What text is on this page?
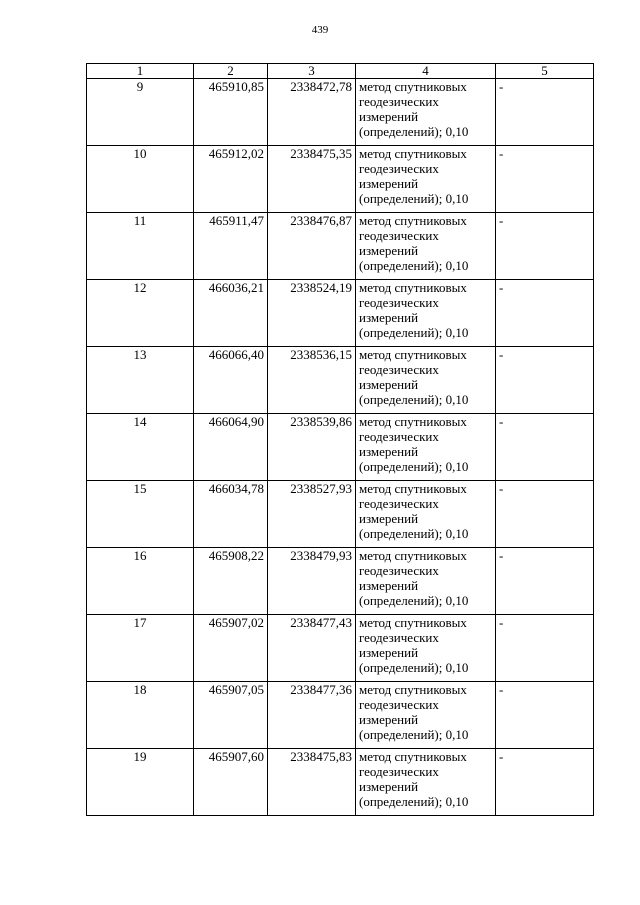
439
1	2	3	4	5
9	465910,85	2338472,78	метод спутниковых геодезических измерений (определений); 0,10	-
10	465912,02	2338475,35	метод спутниковых геодезических измерений (определений); 0,10	-
11	465911,47	2338476,87	метод спутниковых геодезических измерений (определений); 0,10	-
12	466036,21	2338524,19	метод спутниковых геодезических измерений (определений); 0,10	-
13	466066,40	2338536,15	метод спутниковых геодезических измерений (определений); 0,10	-
14	466064,90	2338539,86	метод спутниковых геодезических измерений (определений); 0,10	-
15	466034,78	2338527,93	метод спутниковых геодезических измерений (определений); 0,10	-
16	465908,22	2338479,93	метод спутниковых геодезических измерений (определений); 0,10	-
17	465907,02	2338477,43	метод спутниковых геодезических измерений (определений); 0,10	-
18	465907,05	2338477,36	метод спутниковых геодезических измерений (определений); 0,10	-
19	465907,60	2338475,83	метод спутниковых геодезических измерений (определений); 0,10	-
